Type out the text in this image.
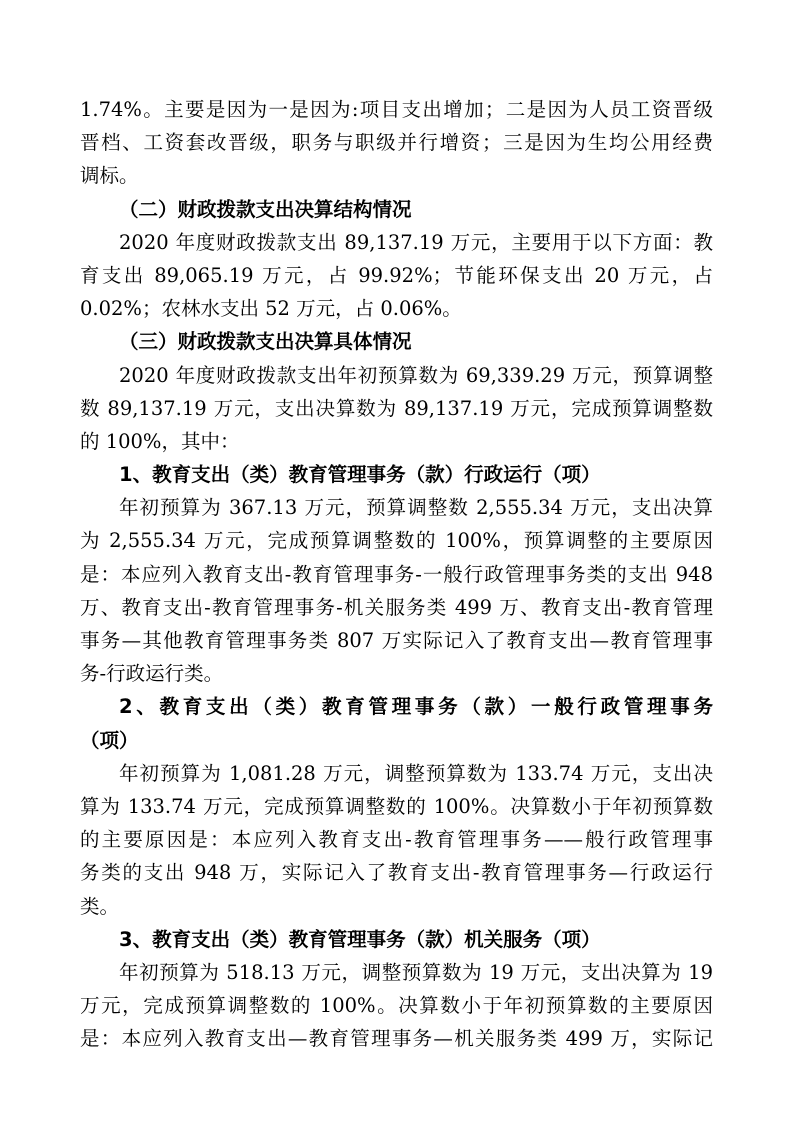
1.74%。主要是因为一是因为:项目支出增加；二是因为人员工资晋级
晋档、工资套改晋级，职务与职级并行增资；三是因为生均公用经费
调标。
（二）财政拨款支出决算结构情况
2020 年度财政拨款支出 89,137.19 万元，主要用于以下方面：教
育支出 89,065.19 万元，占 99.92%；节能环保支出 20 万元，占
0.02%；农林水支出 52 万元，占 0.06%。
（三）财政拨款支出决算具体情况
2020 年度财政拨款支出年初预算数为 69,339.29 万元，预算调整
数 89,137.19 万元，支出决算数为 89,137.19 万元，完成预算调整数
的 100%，其中：
1、教育支出（类）教育管理事务（款）行政运行（项）
年初预算为 367.13 万元，预算调整数 2,555.34 万元，支出决算
为 2,555.34 万元，完成预算调整数的 100%，预算调整的主要原因
是：本应列入教育支出-教育管理事务-一般行政管理事务类的支出 948
万、教育支出-教育管理事务-机关服务类 499 万、教育支出-教育管理
事务—其他教育管理事务类 807 万实际记入了教育支出—教育管理事
务-行政运行类。
2、教育支出（类）教育管理事务（款）一般行政管理事务
（项）
年初预算为 1,081.28 万元，调整预算数为 133.74 万元，支出决
算为 133.74 万元，完成预算调整数的 100%。决算数小于年初预算数
的主要原因是：本应列入教育支出-教育管理事务——般行政管理事
务类的支出 948 万，实际记入了教育支出-教育管理事务—行政运行
类。
3、教育支出（类）教育管理事务（款）机关服务（项）
年初预算为 518.13 万元，调整预算数为 19 万元，支出决算为 19
万元，完成预算调整数的 100%。决算数小于年初预算数的主要原因
是：本应列入教育支出—教育管理事务—机关服务类 499 万，实际记
